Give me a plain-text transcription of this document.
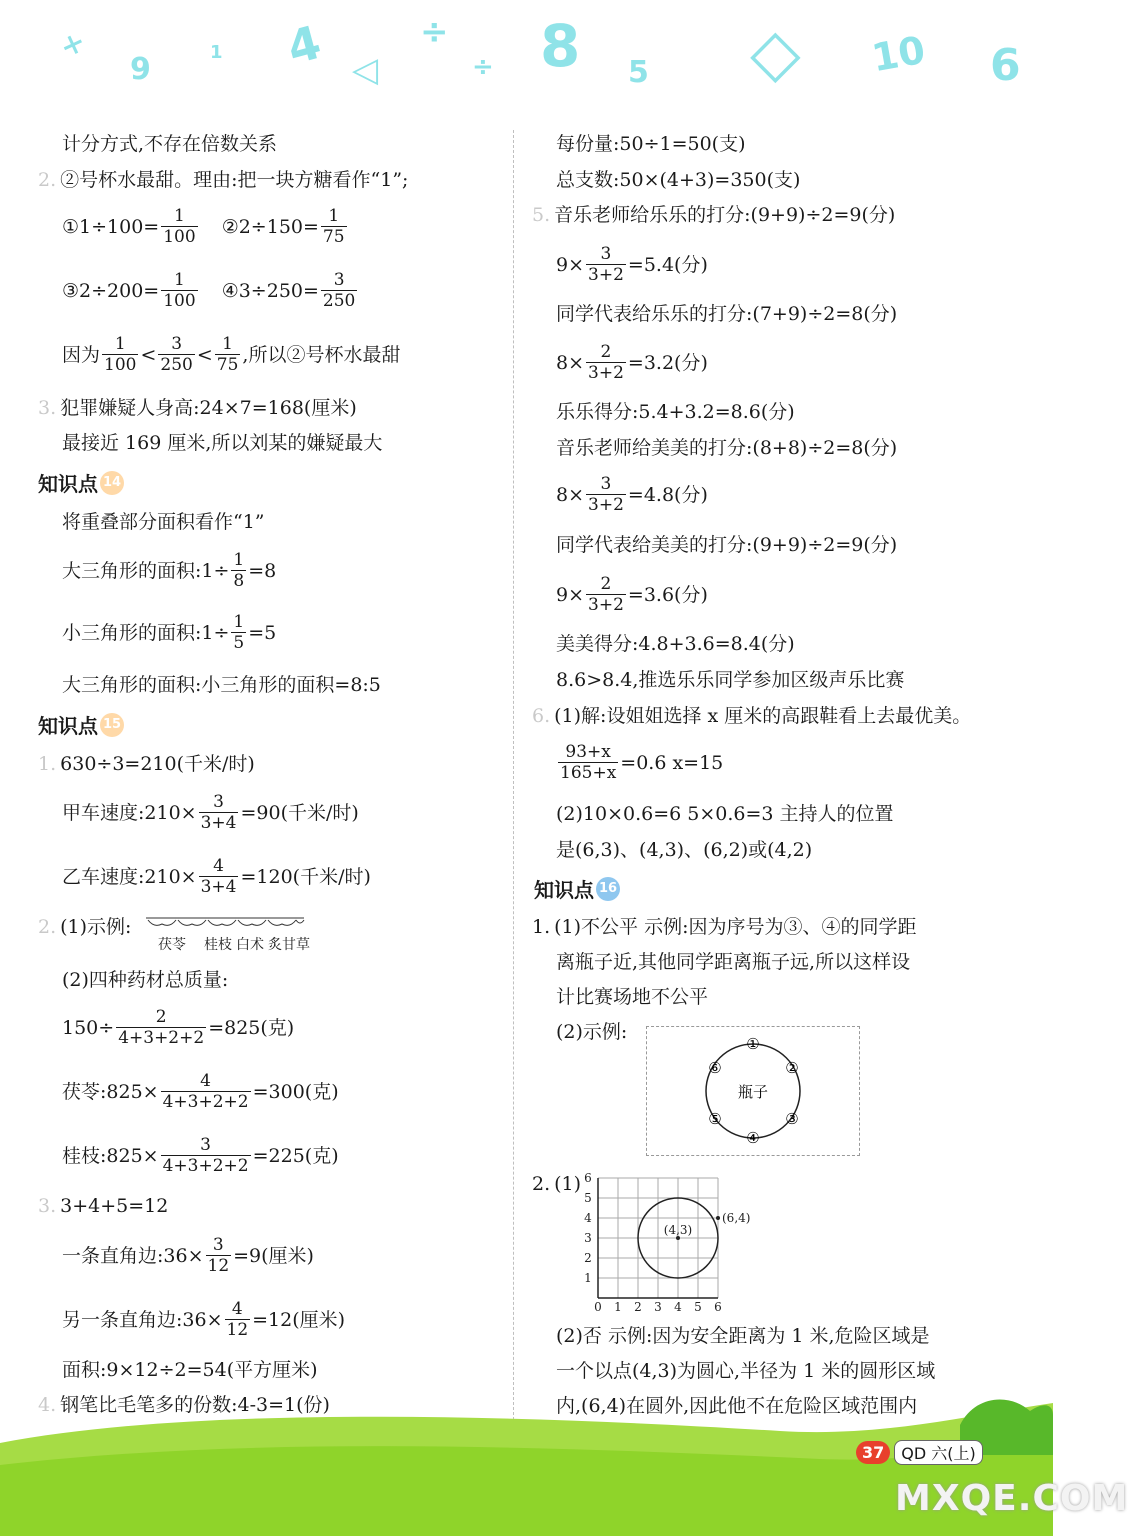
×
9	1 4 ◁
÷
÷ 8 5 ◇ 10 6
计分方式,不存在倍数关系
2. ②号杯水最甜。理由:把一块方糖看作“1”;
①1÷100= $\frac{1}{100}$ ②2÷150= $\frac{1}{75}$
③2÷200= $\frac{1}{100}$ ④3÷250= $\frac{3}{250}$
因为 $\frac{1}{100} < \frac{3}{250} < \frac{1}{75}$ ,所以②号杯水最甜
3. 犯罪嫌疑人身高:24×7=168(厘米)
最接近 169 厘米,所以刘某的嫌疑最大
知识点 14
将重叠部分面积看作“1”
大三角形的面积:1÷ $\frac{1}{8} =8$
小三角形的面积:1÷ $\frac{1}{5} =5$
大三角形的面积:小三角形的面积=8:5
知识点 15
1. 630÷3=210(千米/时)
甲车速度:210× $\frac{3}{3+4} =90$(千米/时)
乙车速度:210× $\frac{4}{3+4} =120$(千米/时)
2. (1)示例:
茯苓 桂枝 白术 炙甘草
(2)四种药材总质量:
$150\div \frac{2}{4+3+2+2} =825$(克)
茯苓:825× $\frac{4}{4+3+2+2} =300$(克)
桂枝:825× $\frac{3}{4+3+2+2} =225$(克)
3. 3+4+5=12
一条直角边:36× $\frac{3}{12} =9$(厘米)
另一条直角边:36× $\frac{4}{12} =12$(厘米)
面积:9×12÷2=54(平方厘米)
4. 钢笔比毛笔多的份数:4-3=1(份)
每份量:50÷1=50(支)
总支数:50×(4+3)=350(支)
5. 音乐老师给乐乐的打分:(9+9)÷2=9(分)
$9\times \frac{3}{3+2} =5.4$(分)
同学代表给乐乐的打分:(7+9)÷2=8(分)
$8\times \frac{2}{3+2} =3.2$(分)
乐乐得分:5.4+3.2=8.6(分)
音乐老师给美美的打分:(8+8)÷2=8(分)
$8\times \frac{3}{3+2} =4.8$(分)
同学代表给美美的打分:(9+9)÷2=9(分)
$9\times \frac{2}{3+2} =3.6$(分)
美美得分:4.8+3.6=8.4(分)
8.6>8.4,推选乐乐同学参加区级声乐比赛
6. (1)解:设姐姐选择 x 厘米的高跟鞋看上去最优美。
$\frac{93+x}{165+x} =0.6$ x=15
(2)10×0.6=6 5×0.6=3 主持人的位置
是(6,3)、(4,3)、(6,2)或(4,2)
知识点 16
1. (1)不公平 示例:因为序号为③、④的同学距
离瓶子近,其他同学距离瓶子远,所以这样设
计比赛场地不公平
(2)示例:
瓶子
⑥	②
⑤	③
①
④
2. (1)
0 1 2 3 4 5 6
1
2
3
4
5
6
(4,3)
(6,4)
(2)否 示例:因为安全距离为 1 米,危险区域是
一个以点(4,3)为圆心,半径为 1 米的圆形区域
内,(6,4)在圆外,因此他不在危险区域范围内
37	QD 六(上)
MXQE.COM
